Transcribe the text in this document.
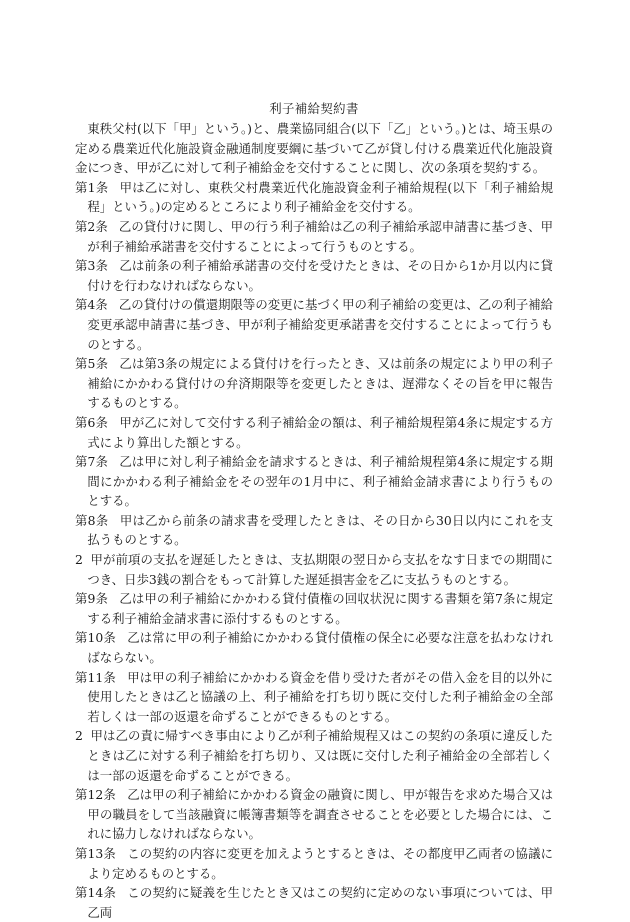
利子補給契約書

東秩父村(以下「甲」という。)と、農業協同組合(以下「乙」という。)とは、埼玉県の定める農業近代化施設資金融通制度要綱に基づいて乙が貸し付ける農業近代化施設資金につき、甲が乙に対して利子補給金を交付することに関し、次の条項を契約する。

第1条 甲は乙に対し、東秩父村農業近代化施設資金利子補給規程(以下「利子補給規程」という。)の定めるところにより利子補給金を交付する。

第2条 乙の貸付けに関し、甲の行う利子補給は乙の利子補給承認申請書に基づき、甲が利子補給承諾書を交付することによって行うものとする。

第3条 乙は前条の利子補給承諾書の交付を受けたときは、その日から1か月以内に貸付けを行わなければならない。

第4条 乙の貸付けの償還期限等の変更に基づく甲の利子補給の変更は、乙の利子補給変更承認申請書に基づき、甲が利子補給変更承諾書を交付することによって行うものとする。

第5条 乙は第3条の規定による貸付けを行ったとき、又は前条の規定により甲の利子補給にかかわる貸付けの弁済期限等を変更したときは、遅滞なくその旨を甲に報告するものとする。

第6条 甲が乙に対して交付する利子補給金の額は、利子補給規程第4条に規定する方式により算出した額とする。

第7条 乙は甲に対し利子補給金を請求するときは、利子補給規程第4条に規定する期間にかかわる利子補給金をその翌年の1月中に、利子補給金請求書により行うものとする。

第8条 甲は乙から前条の請求書を受理したときは、その日から30日以内にこれを支払うものとする。

2 甲が前項の支払を遅延したときは、支払期限の翌日から支払をなす日までの期間につき、日歩3銭の割合をもって計算した遅延損害金を乙に支払うものとする。

第9条 乙は甲の利子補給にかかわる貸付債権の回収状況に関する書類を第7条に規定する利子補給金請求書に添付するものとする。

第10条 乙は常に甲の利子補給にかかわる貸付債権の保全に必要な注意を払わなければならない。

第11条 甲は甲の利子補給にかかわる資金を借り受けた者がその借入金を目的以外に使用したときは乙と協議の上、利子補給を打ち切り既に交付した利子補給金の全部若しくは一部の返還を命ずることができるものとする。

2 甲は乙の責に帰すべき事由により乙が利子補給規程又はこの契約の条項に違反したときは乙に対する利子補給を打ち切り、又は既に交付した利子補給金の全部若しくは一部の返還を命ずることができる。

第12条 乙は甲の利子補給にかかわる資金の融資に関し、甲が報告を求めた場合又は甲の職員をして当該融資に帳簿書類等を調査させることを必要とした場合には、これに協力しなければならない。

第13条 この契約の内容に変更を加えようとするときは、その都度甲乙両者の協議により定めるものとする。

第14条 この契約に疑義を生じたとき又はこの契約に定めのない事項については、甲乙両
